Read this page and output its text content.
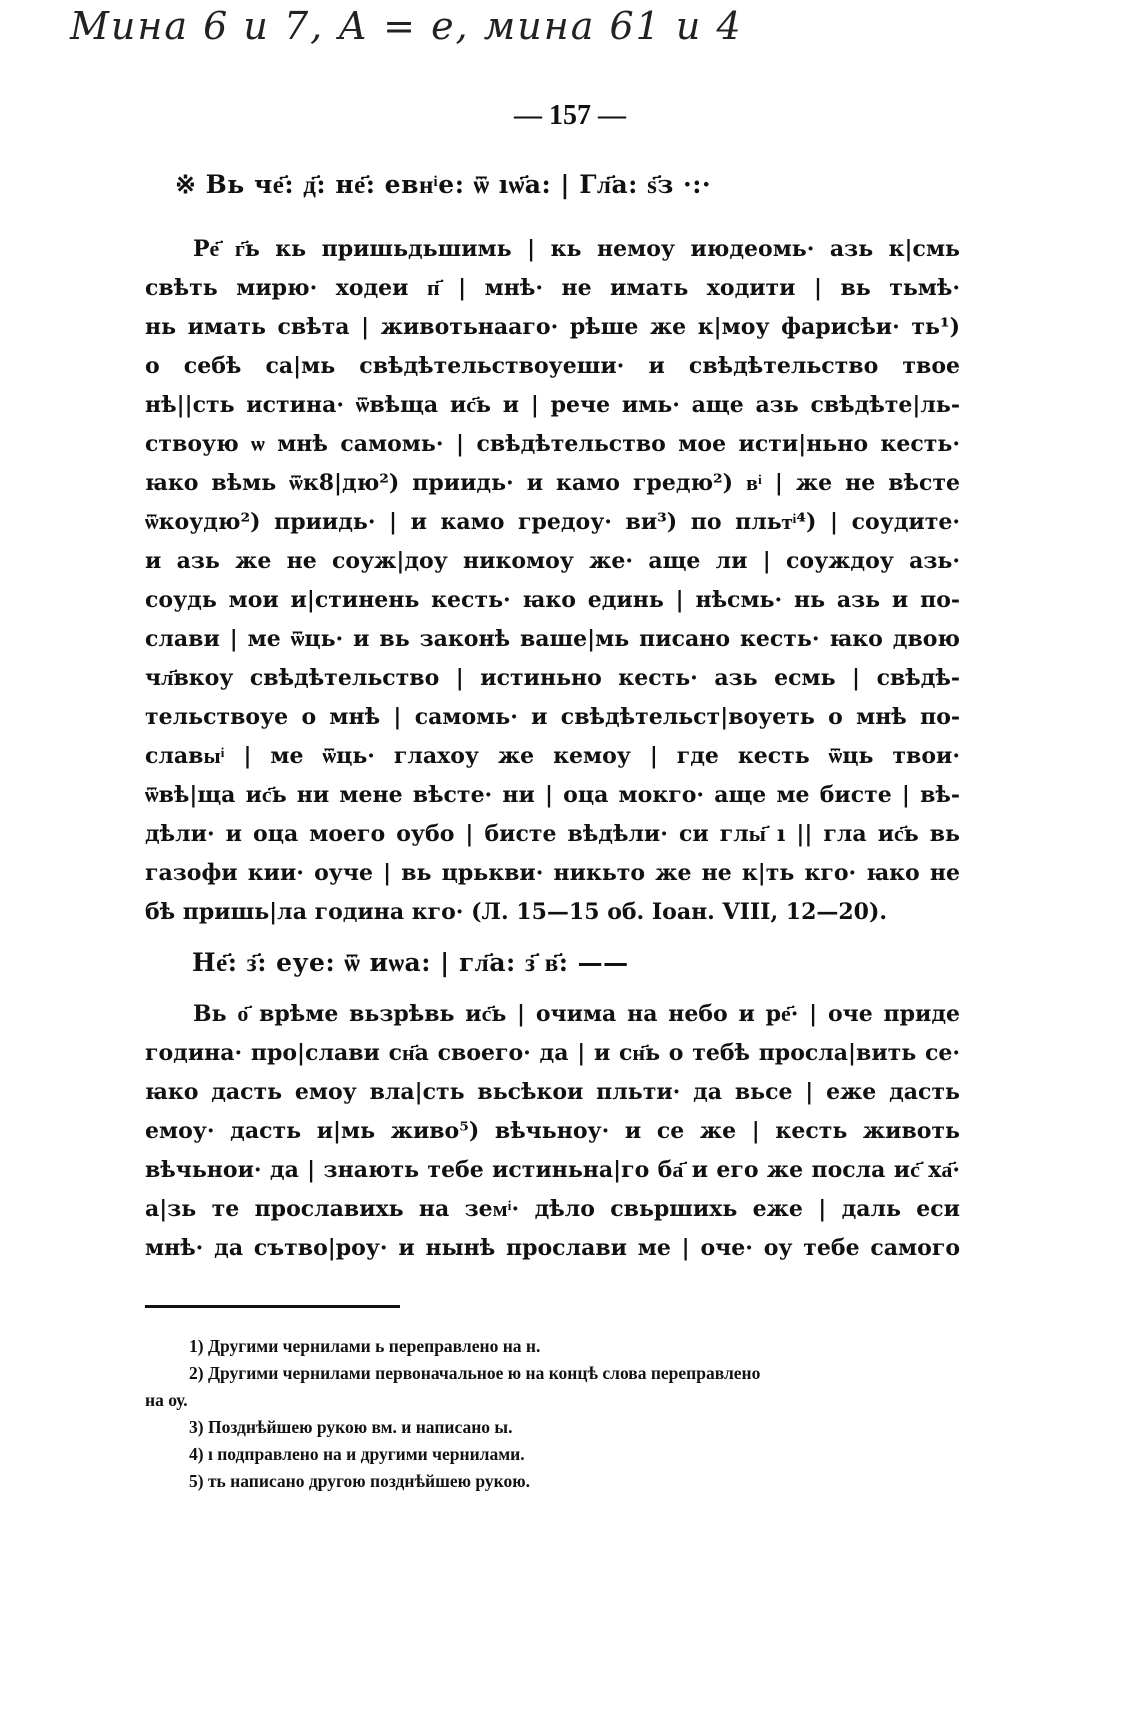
Мина 6 и 7, А = е, мина 61 и 4
— 157 —
※ Вь че҃: д҃: не҃: евнͥе: ѿ ıѡ҃а: | Гл҃а: ѕ҃з ·:·
Ре҃ г҃ь кь пришьдьшимь | кь немоу июдеомь· азь к|смь
свѣть мирю· ходеи п҃ | мнѣ· не имать ходити | вь тьмѣ·
нь имать свѣта | животьнааго· рѣше же к|моу фарисѣи· ть¹)
о себѣ са|мь свѣдѣтельствоуеши· и свѣдѣтельство твое
нѣ||сть истина· ѿвѣща ис҃ь и | рече имь· аще азь свѣдѣте|ль-
ствоую ѡ мнѣ самомь· | свѣдѣтельство мое исти|ньно кесть·
ꙗко вѣмь ѿк8|дю²) приидь· и камо гредю²) вͥ | же не вѣсте
ѿкоудю²) приидь· | и камо гредоу· ви³) по пльтͥ⁴) | соудите·
и азь же не соуж|доу никомоу же· аще ли | соуждоу азь·
соудь мои и|стинень кесть· ꙗко единь | нѣсмь· нь азь и по-
слави | ме ѿць· и вь законѣ ваше|мь писано кесть· ꙗко двою
чл҃вкоу свѣдѣтельство | истиньно кесть· азь есмь | свѣдѣ-
тельствоуе о мнѣ | самомь· и свѣдѣтельст|воуеть о мнѣ по-
славыͥ | ме ѿць· глахоу же кемоу | где кесть ѿць твои·
ѿвѣ|ща ис҃ь ни мене вѣсте· ни | оца мокго· аще ме бисте | вѣ-
дѣли· и оца моего оубо | бисте вѣдѣли· си глы҃ ı || гла ис҃ь вь
газофи кии· оуче | вь црькви· никьто же не к|ть кго· ꙗко не
бѣ пришь|ла година кго· (Л. 15—15 об. Іоан. VIII, 12—20).
Не҃: з҃: еуе: ѿ иѡа: | гл҃а: з҃ в҃: ——
Вь о҃ врѣме вьзрѣвь ис҃ь | очима на небо и ре҃· | оче приде
година· про|слави сн҃а своего· да | и сн҃ь о тебѣ просла|вить се·
ꙗко дасть емоу вла|сть вьсѣкои пльти· да вьсе | еже дасть
емоу· дасть и|мь живо⁵) вѣчьноу· и се же | кесть животь
вѣчьнои· да | знають тебе истиньна|го ба҃ и его же посла ис҃ ха҃·
а|зь те прославихь на земͥ· дѣло свьршихь еже | даль еси
мнѣ· да сътво|роу· и нынѣ прослави ме | оче· оу тебе самого
1) Другими чернилами ь переправлено на н.
2) Другими чернилами первоначальное ю на концѣ слова переправлено
на оу.
3) Позднѣйшею рукою вм. и написано ы.
4) ı подправлено на и другими чернилами.
5) ть написано другою позднѣйшею рукою.
